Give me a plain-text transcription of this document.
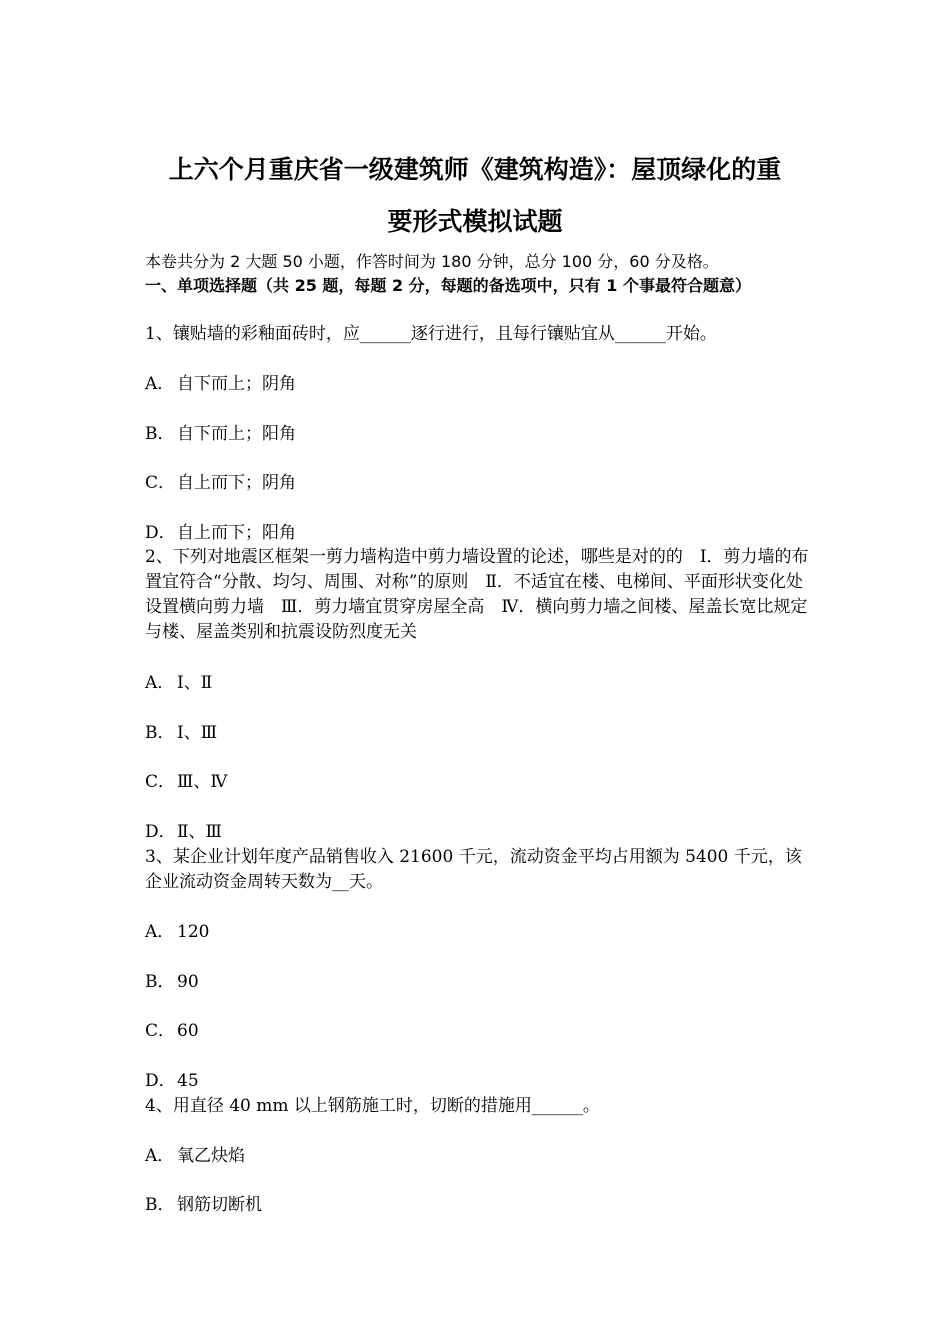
上六个月重庆省一级建筑师《建筑构造》：屋顶绿化的重
要形式模拟试题

本卷共分为 2 大题 50 小题，作答时间为 180 分钟，总分 100 分，60 分及格。

一、单项选择题（共 25 题，每题 2 分，每题的备选项中，只有 1 个事最符合题意）

1、镶贴墙的彩釉面砖时，应______逐行进行，且每行镶贴宜从______开始。

A． 自下而上；阴角

B． 自下而上；阳角

C． 自上而下；阴角

D．自上而下；阳角

2、下列对地震区框架一剪力墙构造中剪力墙设置的论述，哪些是对的的　Ⅰ．剪力墙的布置宜符合“分散、均匀、周围、对称”的原则　Ⅱ．不适宜在楼、电梯间、平面形状变化处设置横向剪力墙　Ⅲ．剪力墙宜贯穿房屋全高　Ⅳ．横向剪力墙之间楼、屋盖长宽比规定与楼、屋盖类别和抗震设防烈度无关

A． Ⅰ、Ⅱ

B． Ⅰ、Ⅲ

C． Ⅲ、Ⅳ

D．Ⅱ、Ⅲ

3、某企业计划年度产品销售收入 21600 千元，流动资金平均占用额为 5400 千元，该企业流动资金周转天数为__天。

A． 120

B． 90

C． 60

D．45

4、用直径 40 mm 以上钢筋施工时，切断的措施用______。

A． 氧乙炔焰

B． 钢筋切断机
